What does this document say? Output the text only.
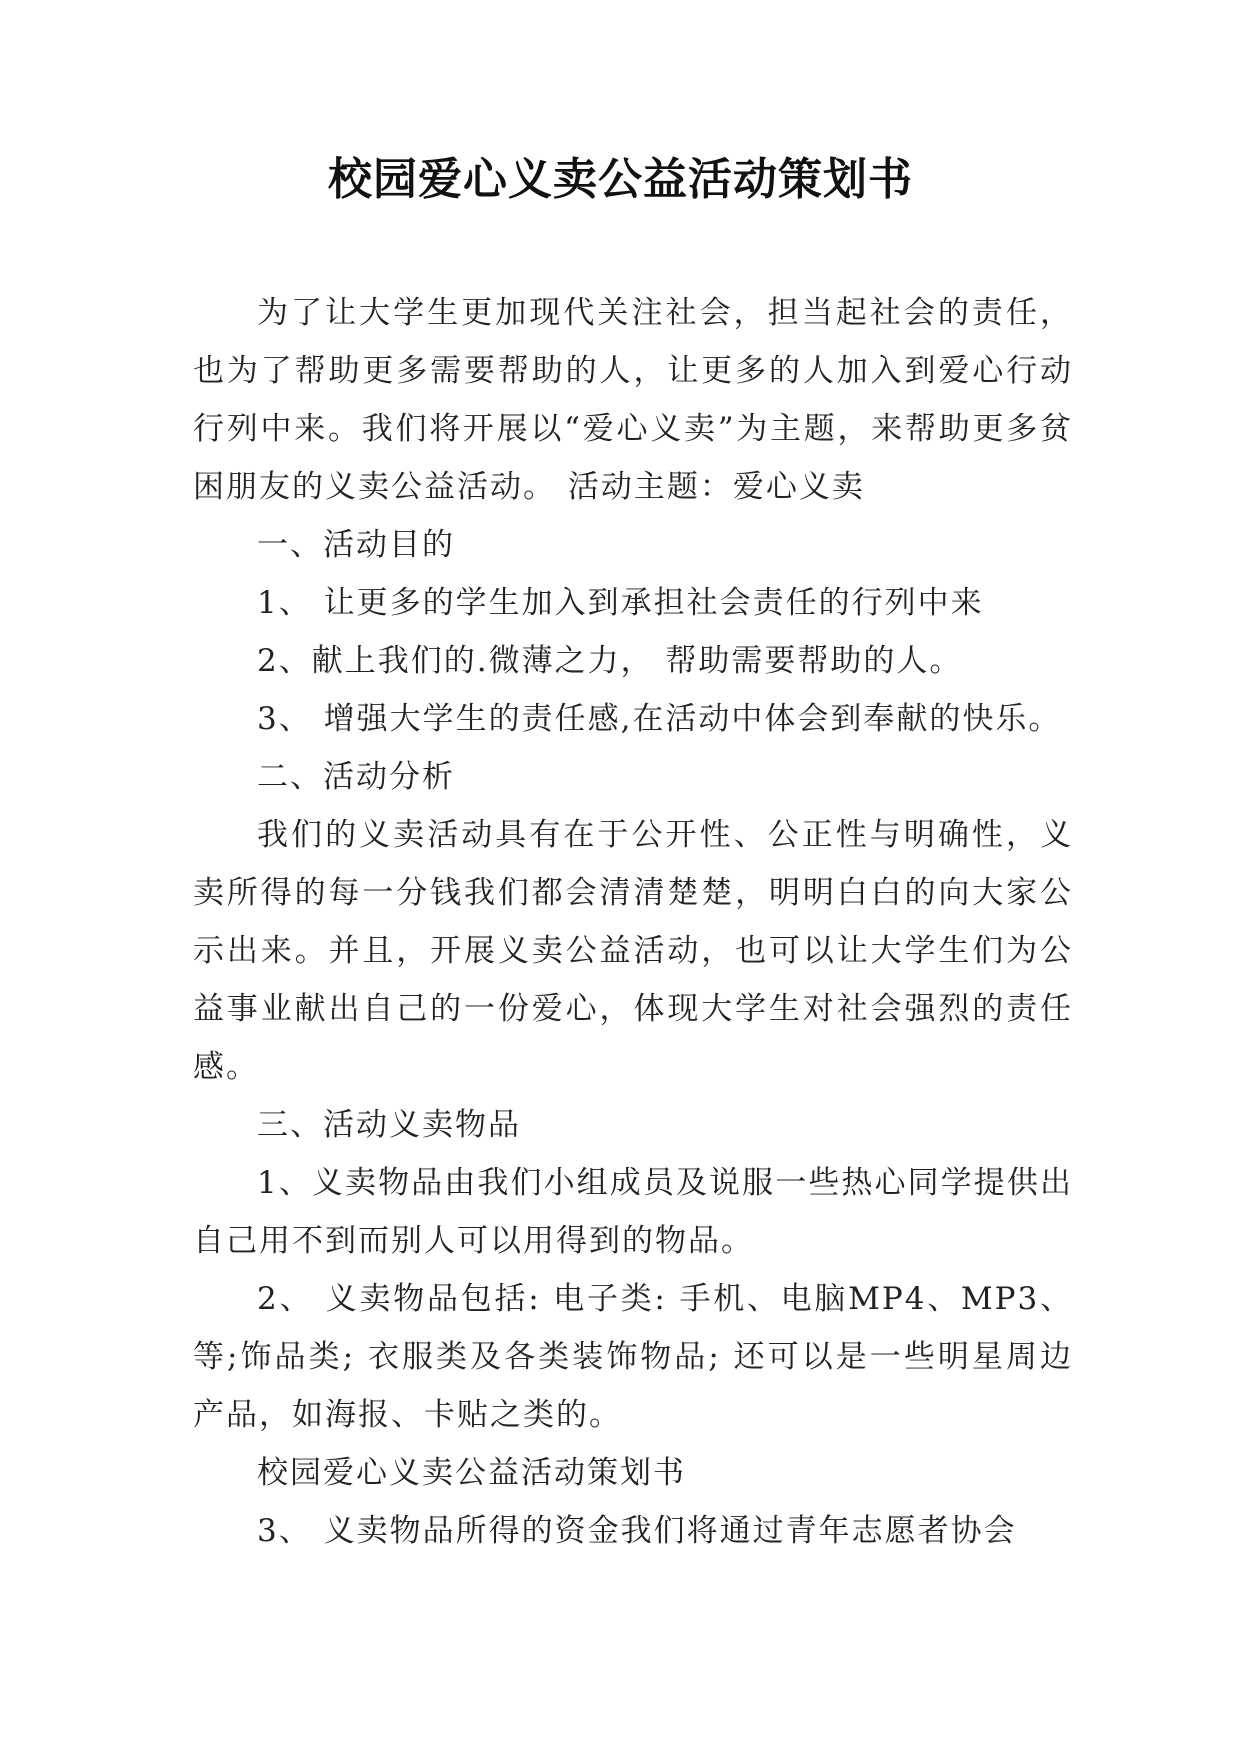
校园爱心义卖公益活动策划书

为了让大学生更加现代关注社会，担当起社会的责任，也为了帮助更多需要帮助的人，让更多的人加入到爱心行动行列中来。我们将开展以“爱心义卖”为主题，来帮助更多贫困朋友的义卖公益活动。 活动主题：爱心义卖

一、活动目的

1、 让更多的学生加入到承担社会责任的行列中来

2、献上我们的.微薄之力， 帮助需要帮助的人。

3、 增强大学生的责任感,在活动中体会到奉献的快乐。

二、活动分析

我们的义卖活动具有在于公开性、公正性与明确性，义卖所得的每一分钱我们都会清清楚楚，明明白白的向大家公示出来。并且，开展义卖公益活动，也可以让大学生们为公益事业献出自己的一份爱心，体现大学生对社会强烈的责任感。

三、活动义卖物品

1、义卖物品由我们小组成员及说服一些热心同学提供出自己用不到而别人可以用得到的物品。

2、 义卖物品包括: 电子类: 手机、电脑MP4、MP3、等;饰品类; 衣服类及各类装饰物品; 还可以是一些明星周边产品，如海报、卡贴之类的。

校园爱心义卖公益活动策划书

3、 义卖物品所得的资金我们将通过青年志愿者协会
